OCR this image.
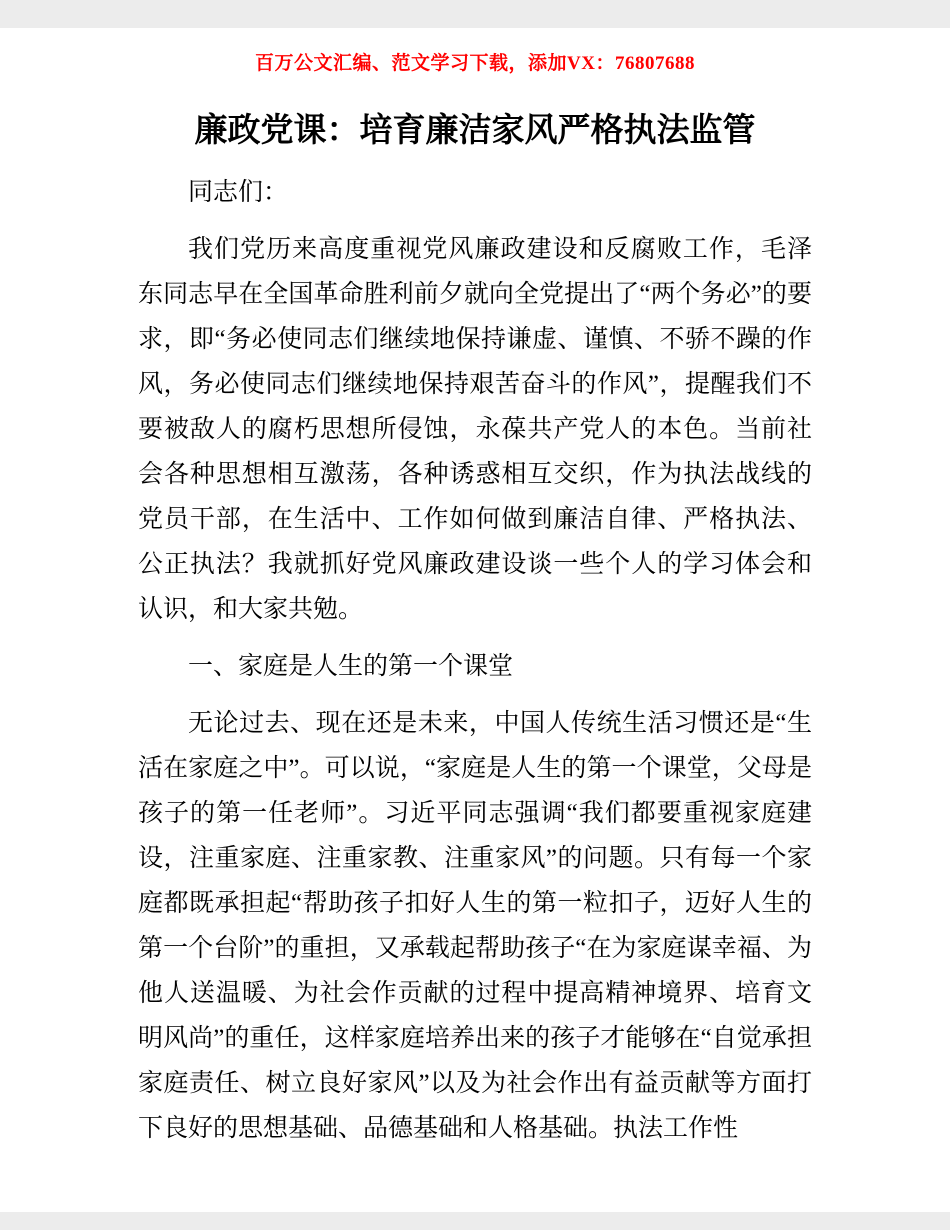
百万公文汇编、范文学习下载，添加VX：76807688
廉政党课：培育廉洁家风严格执法监管

同志们：

我们党历来高度重视党风廉政建设和反腐败工作，毛泽东同志早在全国革命胜利前夕就向全党提出了“两个务必”的要求，即“务必使同志们继续地保持谦虚、谨慎、不骄不躁的作风，务必使同志们继续地保持艰苦奋斗的作风”，提醒我们不要被敌人的腐朽思想所侵蚀，永葆共产党人的本色。当前社会各种思想相互激荡，各种诱惑相互交织，作为执法战线的党员干部，在生活中、工作如何做到廉洁自律、严格执法、公正执法？我就抓好党风廉政建设谈一些个人的学习体会和认识，和大家共勉。

一、家庭是人生的第一个课堂

无论过去、现在还是未来，中国人传统生活习惯还是“生活在家庭之中”。可以说，“家庭是人生的第一个课堂，父母是孩子的第一任老师”。习近平同志强调“我们都要重视家庭建设，注重家庭、注重家教、注重家风”的问题。只有每一个家庭都既承担起“帮助孩子扣好人生的第一粒扣子，迈好人生的第一个台阶”的重担，又承载起帮助孩子“在为家庭谋幸福、为他人送温暖、为社会作贡献的过程中提高精神境界、培育文明风尚”的重任，这样家庭培养出来的孩子才能够在“自觉承担家庭责任、树立良好家风”以及为社会作出有益贡献等方面打下良好的思想基础、品德基础和人格基础。执法工作性
